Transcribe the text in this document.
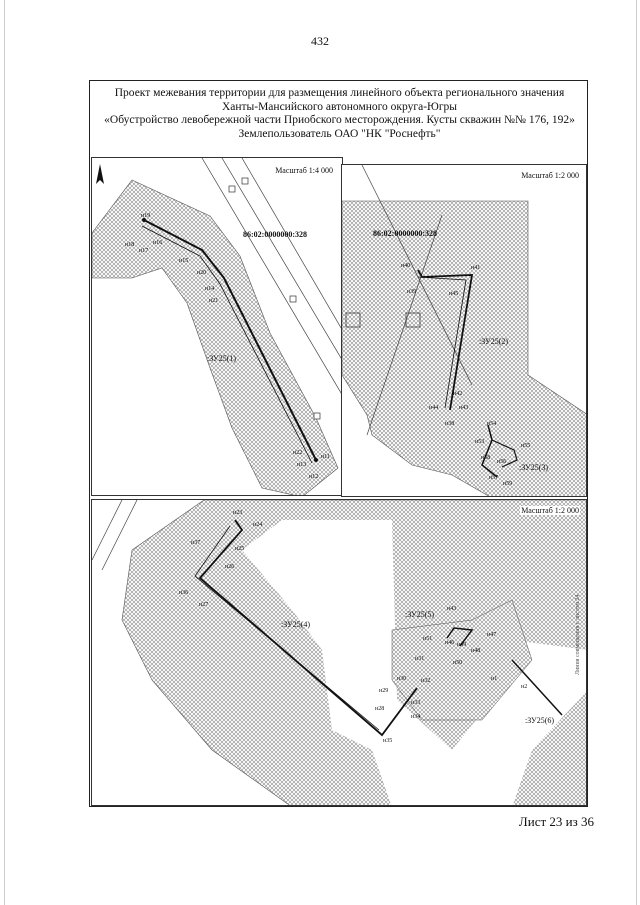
432
Проект межевания территории для размещения линейного объекта регионального значения
Ханты-Мансийского автономного округа-Югры
«Обустройство левобережной части Приобского месторождения. Кусты скважин №№ 176, 192»
Землепользователь ОАО "НК "Роснефть"
Масштаб 1:4 000
86:02:0000000:328
:ЗУ25(1)
н19
н18
н17
н16
н15
н20
н14
н21
н22
н13
н12
н11
Масштаб 1:2 000
86:02:0000000:328
:ЗУ25(2)
:ЗУ25(3)
н40
н39
н41
н45
н42
н44	н43
н38	н54
н53
н55
н58
н56
н57
н59
Масштаб 1:2 000
:ЗУ25(4)
:ЗУ25(5)
:ЗУ25(6)
н23
н24
н37
н25
н26
н36
н27
н43
н46
н47
н51
н49
н48
н50
н31
н30 н32
н29
н33
н28
н34
н35
н1
н2
Линия совмещения с листом 24
Лист 23 из 36
